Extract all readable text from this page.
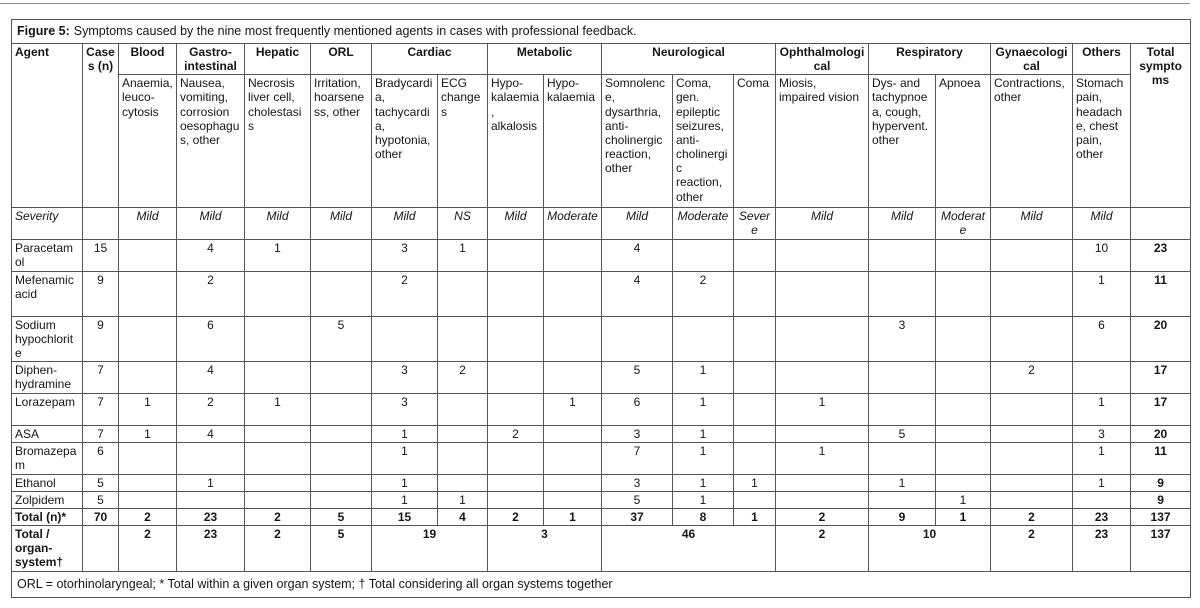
Figure 5: Symptoms caused by the nine most frequently mentioned agents in cases with professional feedback.																		
Agent	Cases (n)	Blood	Gastro-intestinal	Hepatic	ORL	Cardiac		Metabolic		Neurological			Ophthalmological	Respiratory		Gynaecological	Others	Total symptoms
		Anaemia, leuco-cytosis	Nausea, vomiting, corrosion oesophagus, other	Necrosis liver cell, cholestasis	Irritation, hoarseness, other	Bradycardia, tachycardia, hypotonia, other	ECG changes	Hypo-kalaemia, alkalosis	Hypo-kalaemia	Somnolence, dysarthria, anti-cholinergic reaction, other	Coma, gen. epileptic seizures, anti-cholinergic reaction, other	Coma	Miosis, impaired vision	Dys- and tachypnoea, cough, hypervent. other	Apnoea	Contractions, other	Stomach pain, headache, chest pain, other	
Severity		Mild	Mild	Mild	Mild	Mild	NS	Mild	Moderate	Mild	Moderate	Severe	Mild	Mild	Moderate	Mild	Mild	
Paracetamol	15		4	1		3	1			4							10	23
Mefenamic acid	9		2			2				4	2						1	11
Sodium hypochlorite	9		6		5									3			6	20
Diphen-hydramine	7		4			3	2			5	1					2		17
Lorazepam	7	1	2	1		3			1	6	1		1				1	17
ASA	7	1	4			1		2		3	1			5			3	20
Bromazepam	6					1				7	1		1				1	11
Ethanol	5		1			1				3	1	1		1			1	9
Zolpidem	5					1	1			5	1				1			9
Total (n)*	70	2	23	2	5	15	4	2	1	37	8	1	2	9	1	2	23	137
Total / organ-system†		2	23	2	5	19		3		46			2	10		2	23	137
ORL = otorhinolaryngeal; * Total within a given organ system; † Total considering all organ systems together																		
